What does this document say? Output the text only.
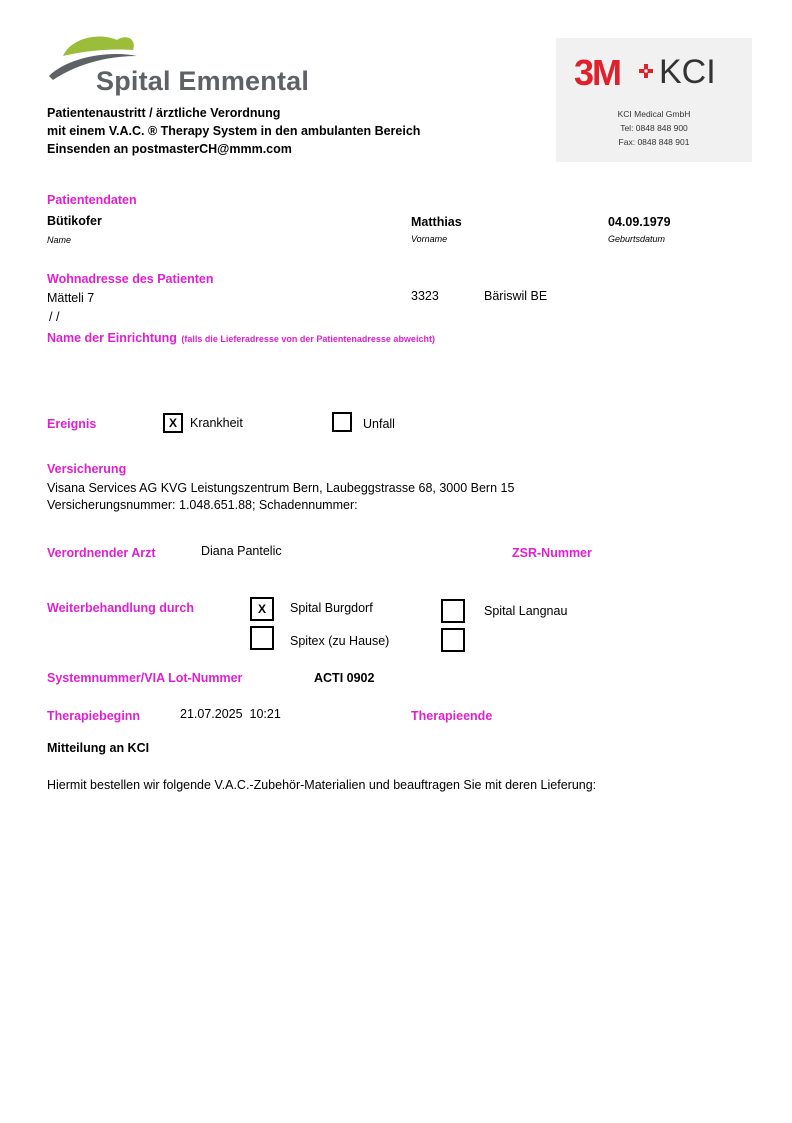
Spital Emmental	3M KCI
KCI Medical GmbH
Tel: 0848 848 900
Fax: 0848 848 901
Patientenaustritt / ärztliche Verordnung
mit einem V.A.C. ® Therapy System in den ambulanten Bereich
Einsenden an postmasterCH@mmm.com
Patientendaten
Bütikofer
Name
Matthias
Vorname
04.09.1979
Geburtsdatum
Wohnadresse des Patienten
Mätteli 7	3323	Bäriswil BE
/ /
Name der Einrichtung (falls die Lieferadresse von der Patientenadresse abweicht)
Ereignis	X	Krankheit	Unfall
Versicherung
Visana Services AG KVG Leistungszentrum Bern, Laubeggstrasse 68, 3000 Bern 15
Versicherungsnummer: 1.048.651.88; Schadennummer:
Verordnender Arzt	Diana Pantelic	ZSR-Nummer
Weiterbehandlung durch	X	Spital Burgdorf	Spital Langnau
Spitex (zu Hause)
Systemnummer/VIA Lot-Nummer	ACTI 0902
Therapiebeginn	21.07.2025  10:21	Therapieende
Mitteilung an KCI
Hiermit bestellen wir folgende V.A.C.-Zubehör-Materialien und beauftragen Sie mit deren Lieferung:
